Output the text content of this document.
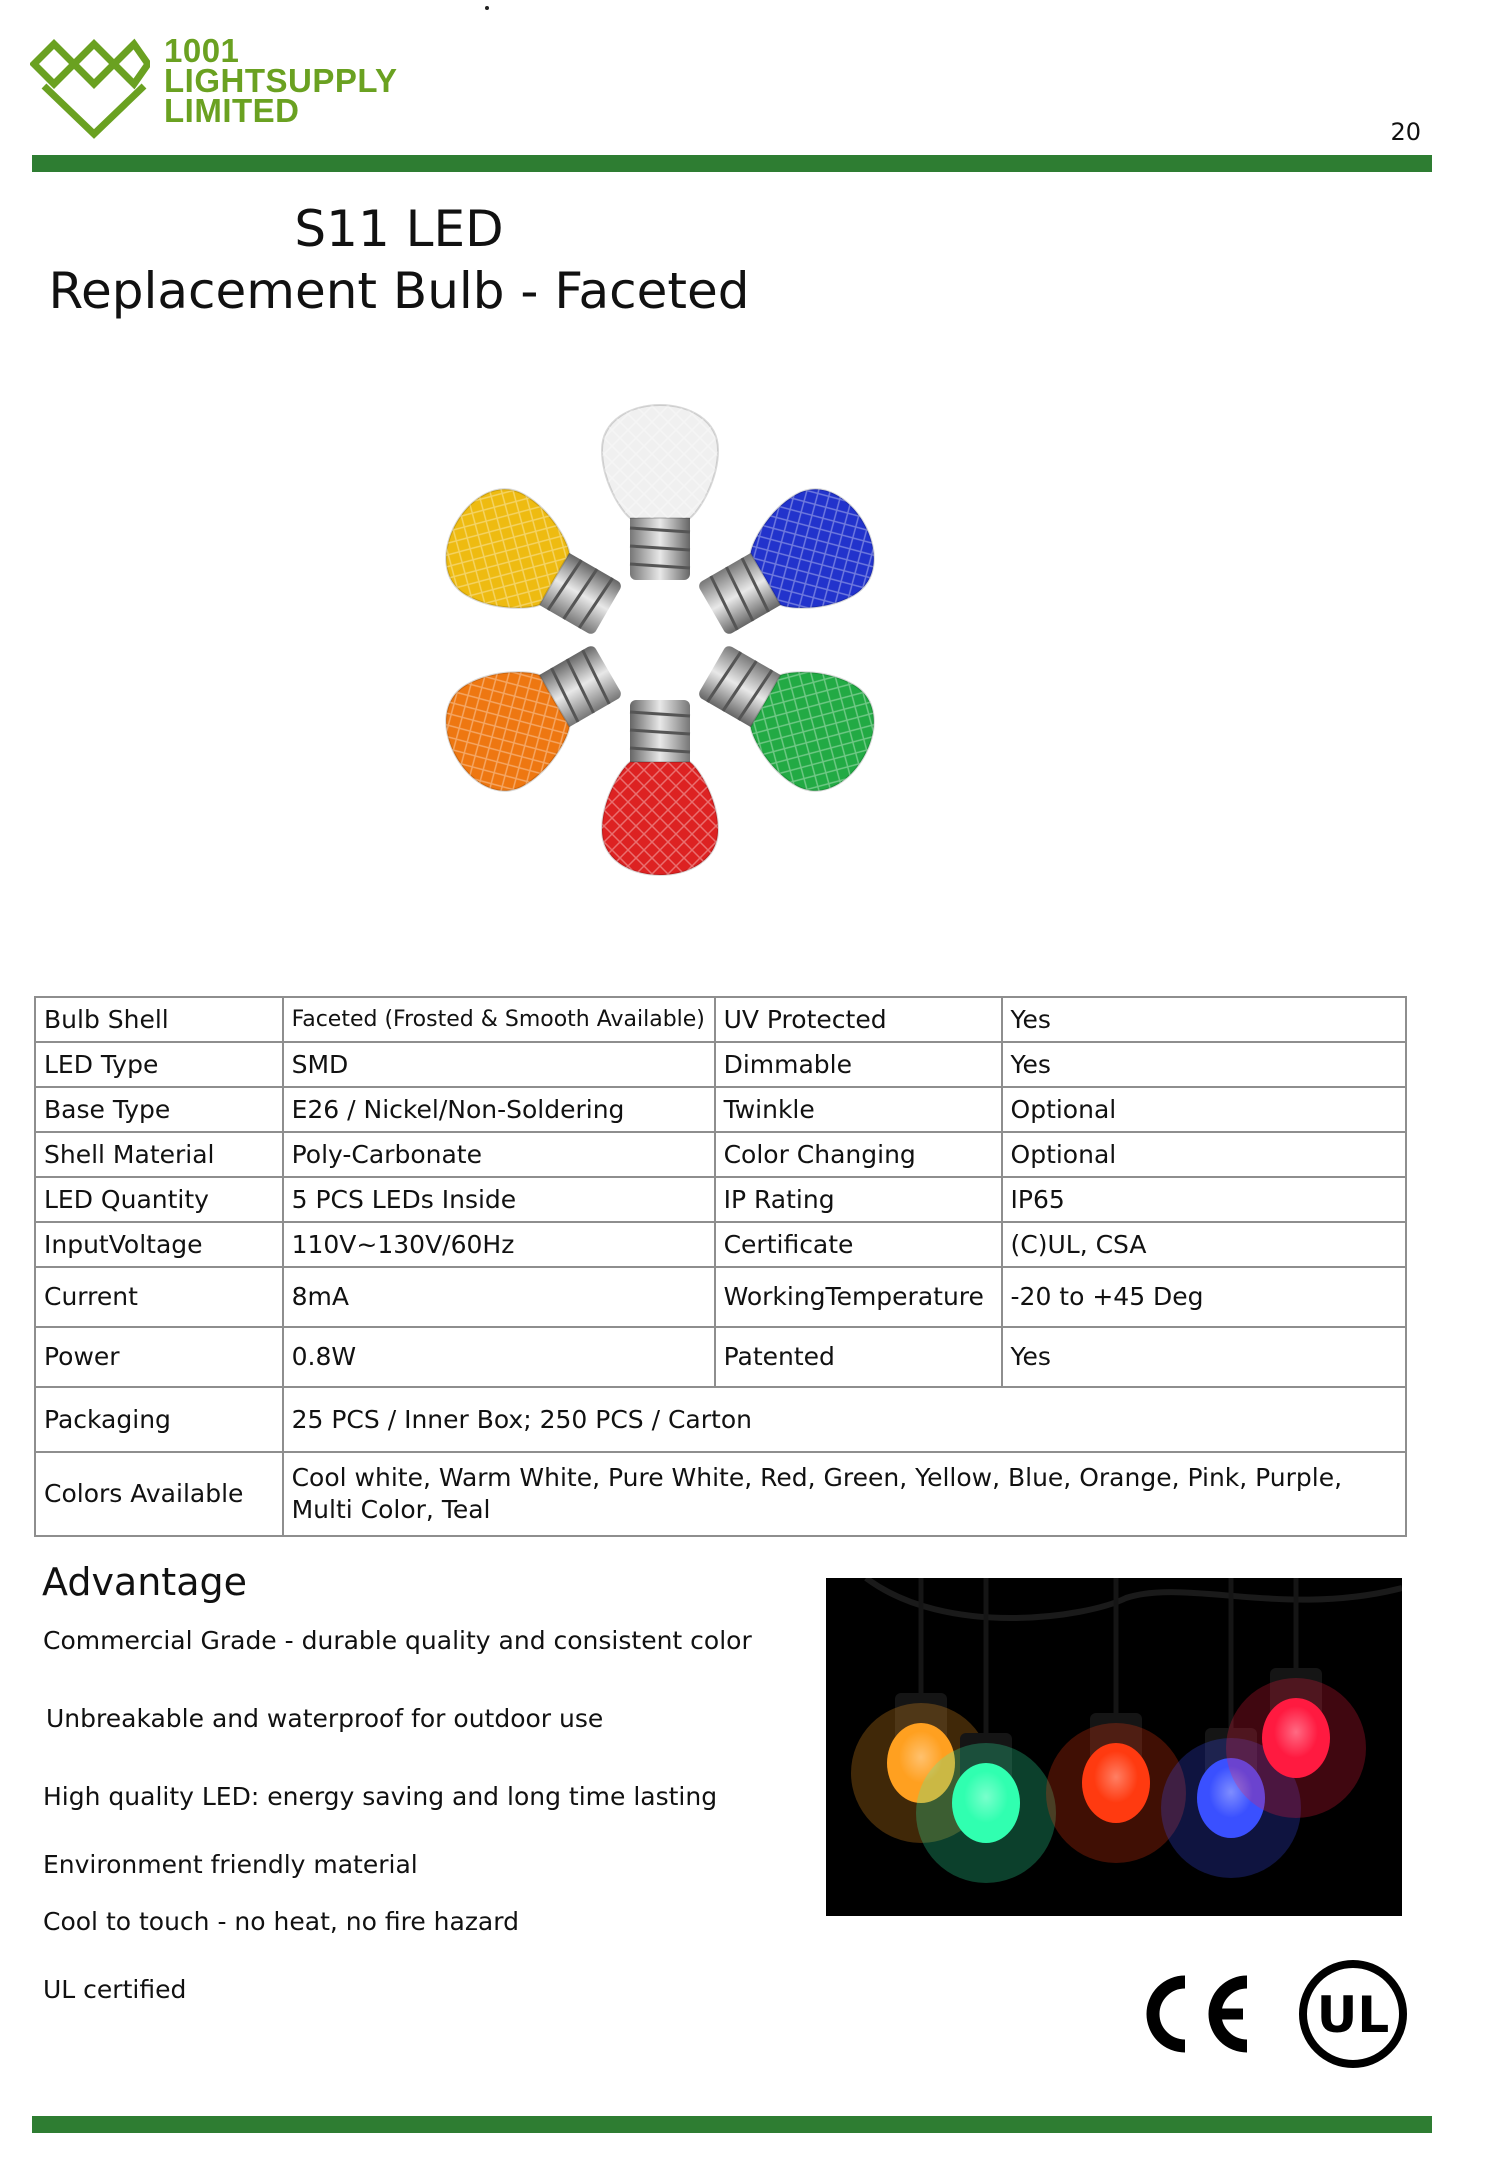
1001
LIGHTSUPPLY
LIMITED
20
S11 LED
Replacement Bulb - Faceted
Bulb Shell	Faceted (Frosted & Smooth Available)	UV Protected	Yes
LED Type	SMD	Dimmable	Yes
Base Type	E26 / Nickel/Non-Soldering	Twinkle	Optional
Shell Material	Poly-Carbonate	Color Changing	Optional
LED Quantity	5 PCS LEDs Inside	IP Rating	IP65
InputVoltage	110V~130V/60Hz	Certificate	(C)UL, CSA
Current	8mA	WorkingTemperature	-20 to +45 Deg
Power	0.8W	Patented	Yes
Packaging	25 PCS / Inner Box; 250 PCS / Carton		
Colors Available	Cool white, Warm White, Pure White, Red, Green, Yellow, Blue, Orange, Pink, Purple, Multi Color, Teal		
Advantage
Commercial Grade - durable quality and consistent color
Unbreakable and waterproof for outdoor use
High quality LED: energy saving and long time lasting
Environment friendly material
Cool to touch - no heat, no fire hazard
UL certified	UL
